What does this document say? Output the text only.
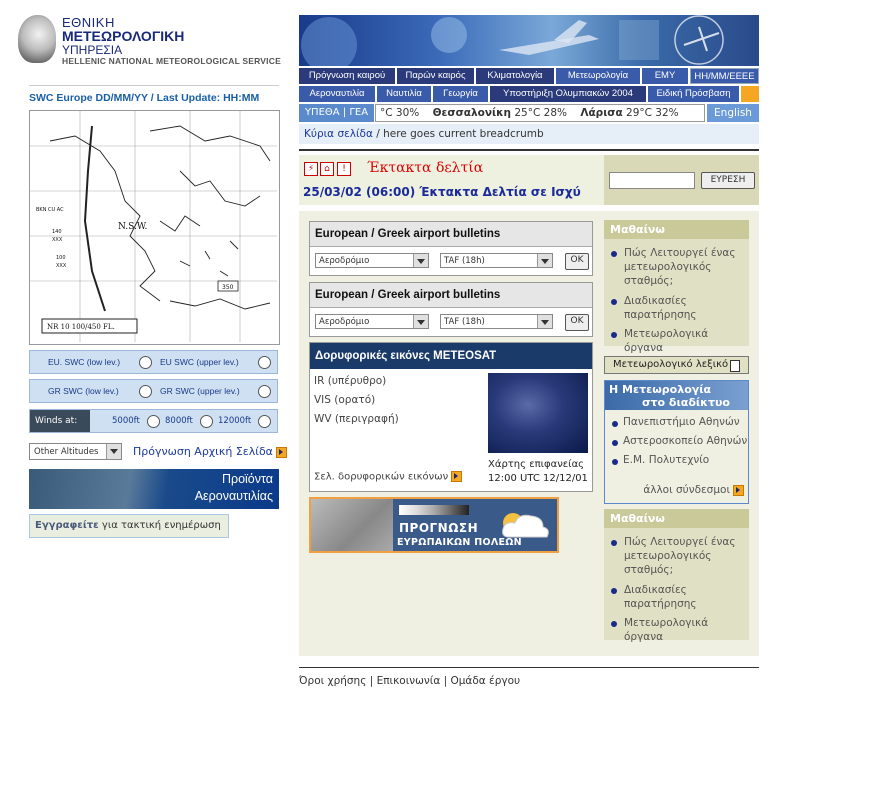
ΕΘΝΙΚΗ
ΜΕΤΕΩΡΟΛΟΓΙΚΗ
ΥΠΗΡΕΣΙΑ
HELLENIC NATIONAL METEOROLOGICAL SERVICE
SWC Europe DD/MM/YY / Last Update: HH:MM
N.S.W.
BKN CU AC
140
XXX
100
XXX
350
NR 10 100/450 FL.
EU. SWC (low lev.)	EU SWC (upper lev.)
GR SWC (low lev.)	GR SWC (upper lev.)
Winds at:	5000ft	8000ft	12000ft
Other Altitudes	Πρόγνωση Αρχική Σελίδα
Προϊόντα
Αεροναυτιλίας
Εγγραφείτε για τακτική ενημέρωση
Πρόγνωση καιρού	Παρών καιρός	Κλιματολογία	Μετεωρολογία	ΕΜΥ	HH/MM/EEEE
Αεροναυτιλία	Ναυτιλία	Γεωργία	Υποστήριξη Ολυμπιακών 2004	Ειδική Πρόσβαση
ΥΠΕΘΑ | ΓΕΑ	°C 30% Θεσσαλονίκη 25°C 28% Λάρισα 29°C 32%	English
Κύρια σελίδα / here goes current breadcrumb
⚡	⌂	!	Έκτακτα δελτία
25/03/02 (06:00) Έκτακτα Δελτία σε Ισχύ
ΕΥΡΕΣΗ
European / Greek airport bulletins
Αεροδρόμιο	TAF (18h)	OK
European / Greek airport bulletins
Αεροδρόμιο	TAF (18h)	OK
Δορυφορικές εικόνες METEOSAT
IR (υπέρυθρο)
VIS (ορατό)
WV (περιγραφή)
Χάρτης επιφανείας
12:00 UTC 12/12/01
Σελ. δορυφορικών εικόνων
ΠΡΟΓΝΩΣΗ
ΕΥΡΩΠΑΙΚΩΝ ΠΟΛΕΩΝ
Μαθαίνω
Πώς Λειτουργεί ένας μετεωρολογικός σταθμός;
Διαδικασίες παρατήρησης
Μετεωρολογικά όργανα
Μετεωρολογικό λεξικό
Η Μετεωρολογία
στο διαδίκτυο
Πανεπιστήμιο Αθηνών
Αστεροσκοπείο Αθηνών
Ε.Μ. Πολυτεχνίο
άλλοι σύνδεσμοι
Μαθαίνω
Πώς Λειτουργεί ένας μετεωρολογικός σταθμός;
Διαδικασίες παρατήρησης
Μετεωρολογικά όργανα
Όροι χρήσης | Επικοινωνία | Ομάδα έργου
